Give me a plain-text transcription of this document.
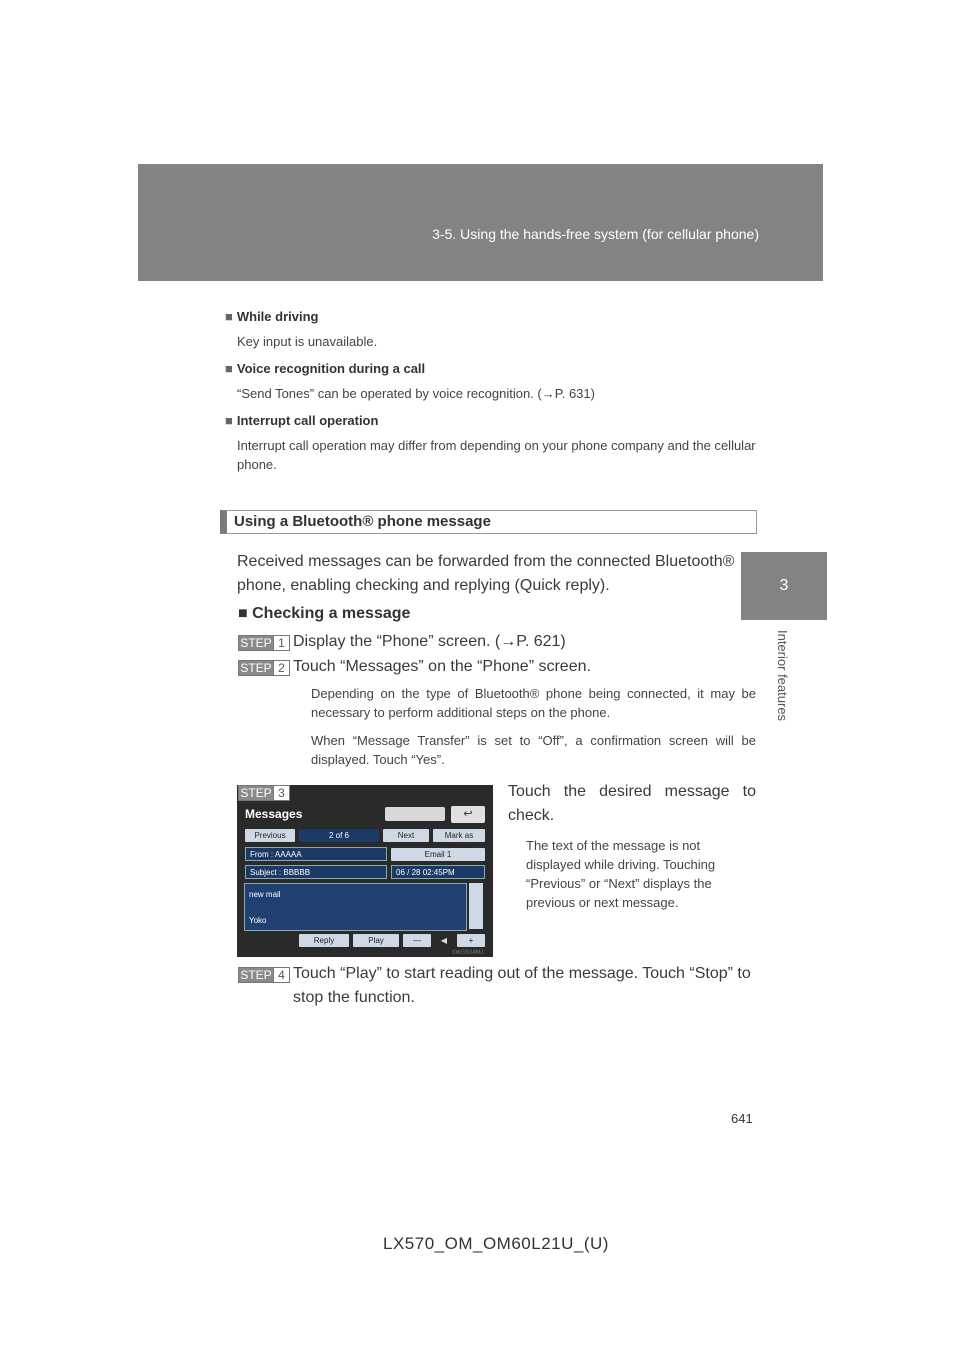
3-5. Using the hands-free system (for cellular phone)
3
Interior features
■ While driving
Key input is unavailable.
■ Voice recognition during a call
“Send Tones” can be operated by voice recognition. (→P. 631)
■ Interrupt call operation
Interrupt call operation may differ from depending on your phone company and the cellular phone.
Using a Bluetooth® phone message
Received messages can be forwarded from the connected Bluetooth® phone, enabling checking and replying (Quick reply).
■ Checking a message
STEP 1 Display the “Phone” screen. (→P. 621)
STEP 2 Touch “Messages” on the “Phone” screen.
Depending on the type of Bluetooth® phone being connected, it may be necessary to perform additional steps on the phone.
When “Message Transfer” is set to “Off”, a confirmation screen will be displayed. Touch “Yes”.
STEP 3
Messages	↩
Previous	2 of 6	Next	Mark as
From : AAAAA	Email 1
Subject : BBBBB	06 / 28 02:45PM
new mail
Yoko
Reply	Play	—	◀	+
I06GS046U
Touch the desired message to check.
The text of the message is not displayed while driving. Touching “Previous” or “Next” displays the previous or next message.
STEP 4 Touch “Play” to start reading out of the message. Touch “Stop” to stop the function.
641
LX570_OM_OM60L21U_(U)
